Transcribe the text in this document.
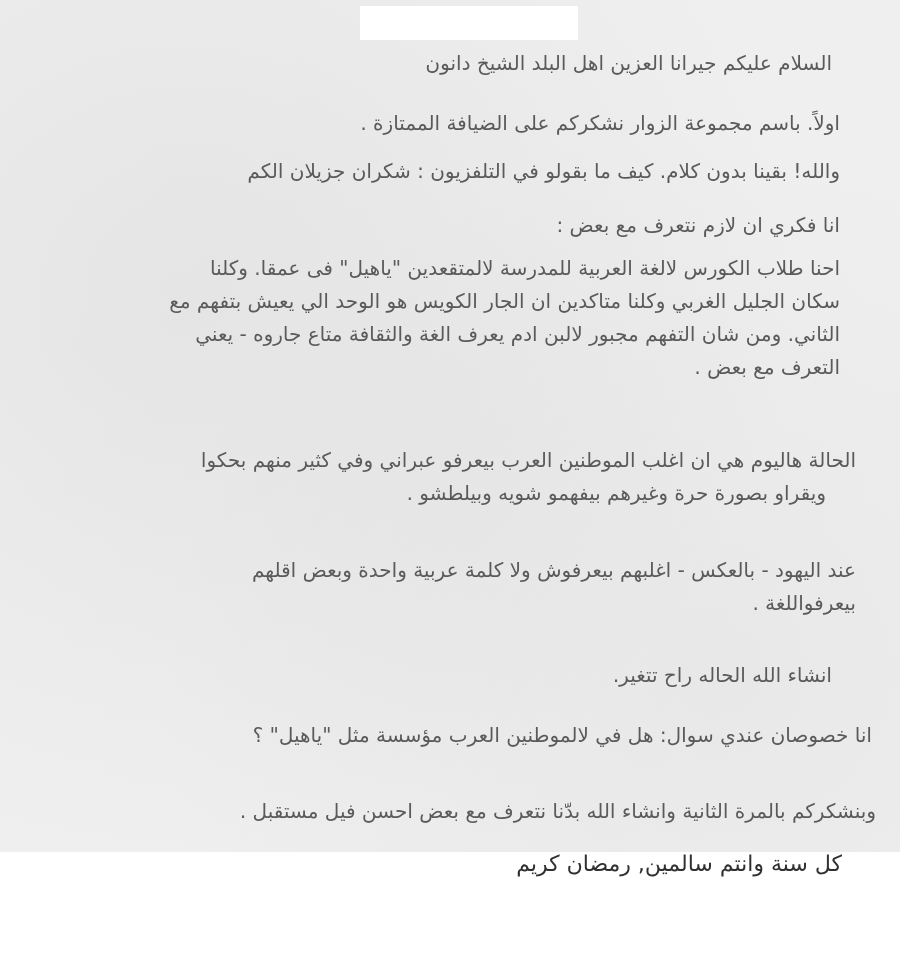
السلام عليكم جيرانا العزين اهل البلد الشيخ دانون
اولاً. باسم مجموعة الزوار نشكركم على الضيافة الممتازة .
والله! بقينا بدون كلام. كيف ما بقولو في التلفزيون : شكران جزيلان الكم
انا فكري ان لازم نتعرف مع بعض :
احنا طلاب الكورس لالغة العربية للمدرسة لالمتقعدين "ياهيل" فى عمقا. وكلنا
سكان الجليل الغربي وكلنا متاكدين ان الجار الكويس هو الوحد الي يعيش بتفهم مع
الثاني. ومن شان التفهم مجبور لالبن ادم يعرف الغة والثقافة متاع جاروه - يعني
التعرف مع بعض .
الحالة هاليوم هي ان اغلب الموطنين العرب بيعرفو عبراني وفي كثير منهم بحكوا
ويقراو بصورة حرة وغيرهم بيفهمو شويه وبيلطشو .
عند اليهود - بالعكس - اغلبهم بيعرفوش ولا كلمة عربية واحدة وبعض اقلهم
بيعرفواللغة .
انشاء الله الحاله راح تتغير.
انا خصوصان عندي سوال: هل في لالموطنين العرب مؤسسة مثل "ياهيل" ؟
وبنشكركم بالمرة الثانية وانشاء الله بدّنا نتعرف مع بعض احسن فيل مستقبل .
كل سنة وانتم سالمين, رمضان كريم
